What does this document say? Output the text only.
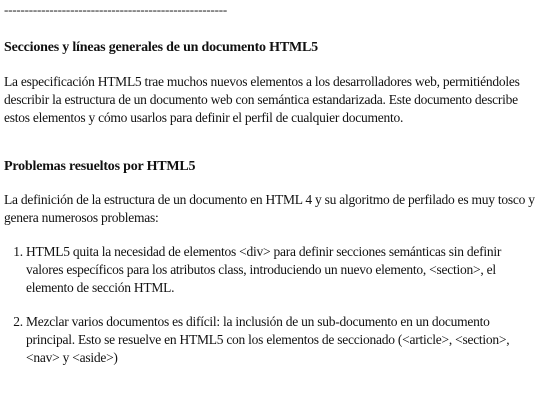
------------------------------------------------------
Secciones y líneas generales de un documento HTML5

La especificación HTML5 trae muchos nuevos elementos a los desarrolladores web, permitiéndoles describir la estructura de un documento web con semántica estandarizada. Este documento describe estos elementos y cómo usarlos para definir el perfil de cualquier documento.

Problemas resueltos por HTML5

La definición de la estructura de un documento en HTML 4 y su algoritmo de perfilado es muy tosco y genera numerosos problemas:

1. HTML5 quita la necesidad de elementos <div> para definir secciones semánticas sin definir valores específicos para los atributos class, introduciendo un nuevo elemento, <section>, el elemento de sección HTML.
2. Mezclar varios documentos es difícil: la inclusión de un sub-documento en un documento principal. Esto se resuelve en HTML5 con los elementos de seccionado (<article>, <section>, <nav> y <aside>)
